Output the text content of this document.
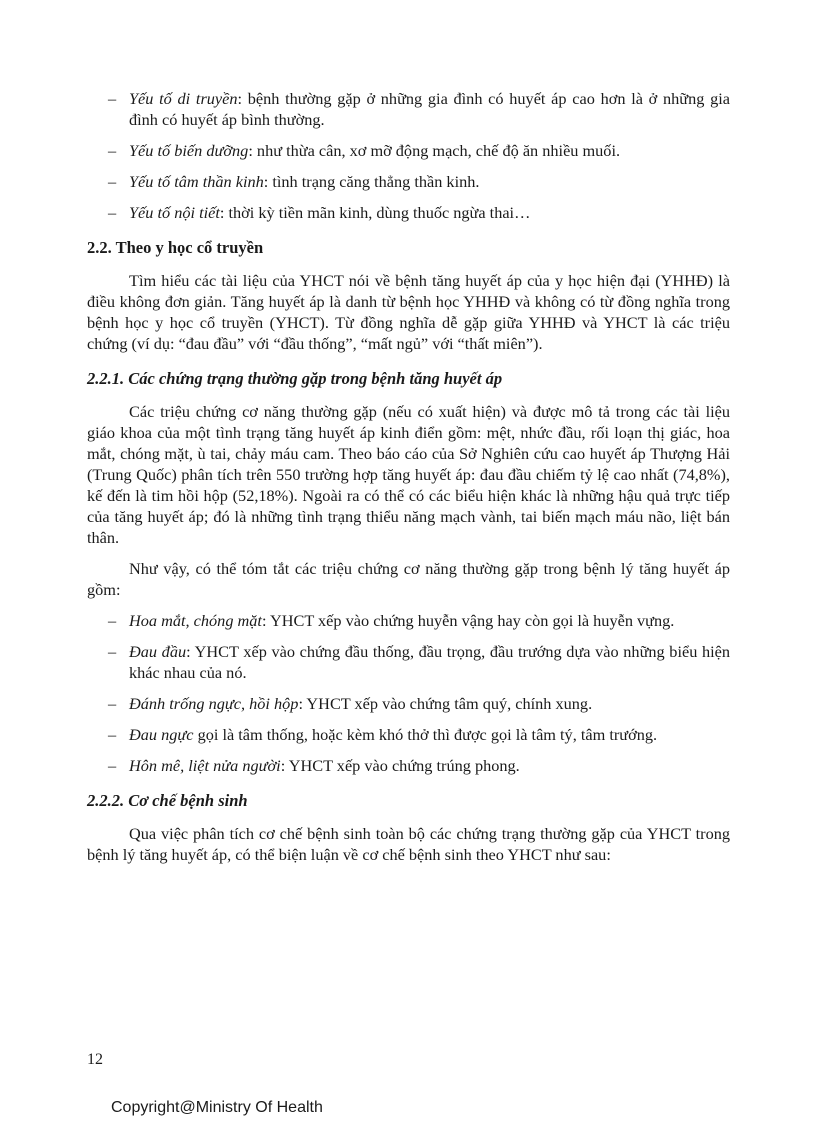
– Yếu tố di truyền: bệnh thường gặp ở những gia đình có huyết áp cao hơn là ở những gia đình có huyết áp bình thường.
– Yếu tố biến dưỡng: như thừa cân, xơ mỡ động mạch, chế độ ăn nhiều muối.
– Yếu tố tâm thần kinh: tình trạng căng thẳng thần kinh.
– Yếu tố nội tiết: thời kỳ tiền mãn kinh, dùng thuốc ngừa thai…
2.2. Theo y học cổ truyền

Tìm hiểu các tài liệu của YHCT nói về bệnh tăng huyết áp của y học hiện đại (YHHĐ) là điều không đơn giản. Tăng huyết áp là danh từ bệnh học YHHĐ và không có từ đồng nghĩa trong bệnh học y học cổ truyền (YHCT). Từ đồng nghĩa dễ gặp giữa YHHĐ và YHCT là các triệu chứng (ví dụ: “đau đầu” với “đầu thống”, “mất ngủ” với “thất miên”).

2.2.1. Các chứng trạng thường gặp trong bệnh tăng huyết áp

Các triệu chứng cơ năng thường gặp (nếu có xuất hiện) và được mô tả trong các tài liệu giáo khoa của một tình trạng tăng huyết áp kinh điển gồm: mệt, nhức đầu, rối loạn thị giác, hoa mắt, chóng mặt, ù tai, chảy máu cam. Theo báo cáo của Sở Nghiên cứu cao huyết áp Thượng Hải (Trung Quốc) phân tích trên 550 trường hợp tăng huyết áp: đau đầu chiếm tỷ lệ cao nhất (74,8%), kế đến là tim hồi hộp (52,18%). Ngoài ra có thể có các biểu hiện khác là những hậu quả trực tiếp của tăng huyết áp; đó là những tình trạng thiểu năng mạch vành, tai biến mạch máu não, liệt bán thân.

Như vậy, có thể tóm tắt các triệu chứng cơ năng thường gặp trong bệnh lý tăng huyết áp gồm:

– Hoa mắt, chóng mặt: YHCT xếp vào chứng huyễn vậng hay còn gọi là huyễn vựng.
– Đau đầu: YHCT xếp vào chứng đầu thống, đầu trọng, đầu trướng dựa vào những biểu hiện khác nhau của nó.
– Đánh trống ngực, hồi hộp: YHCT xếp vào chứng tâm quý, chính xung.
– Đau ngực gọi là tâm thống, hoặc kèm khó thở thì được gọi là tâm tý, tâm trướng.
– Hôn mê, liệt nửa người: YHCT xếp vào chứng trúng phong.
2.2.2. Cơ chế bệnh sinh

Qua việc phân tích cơ chế bệnh sinh toàn bộ các chứng trạng thường gặp của YHCT trong bệnh lý tăng huyết áp, có thể biện luận về cơ chế bệnh sinh theo YHCT như sau:

12
Copyright@Ministry Of Health
